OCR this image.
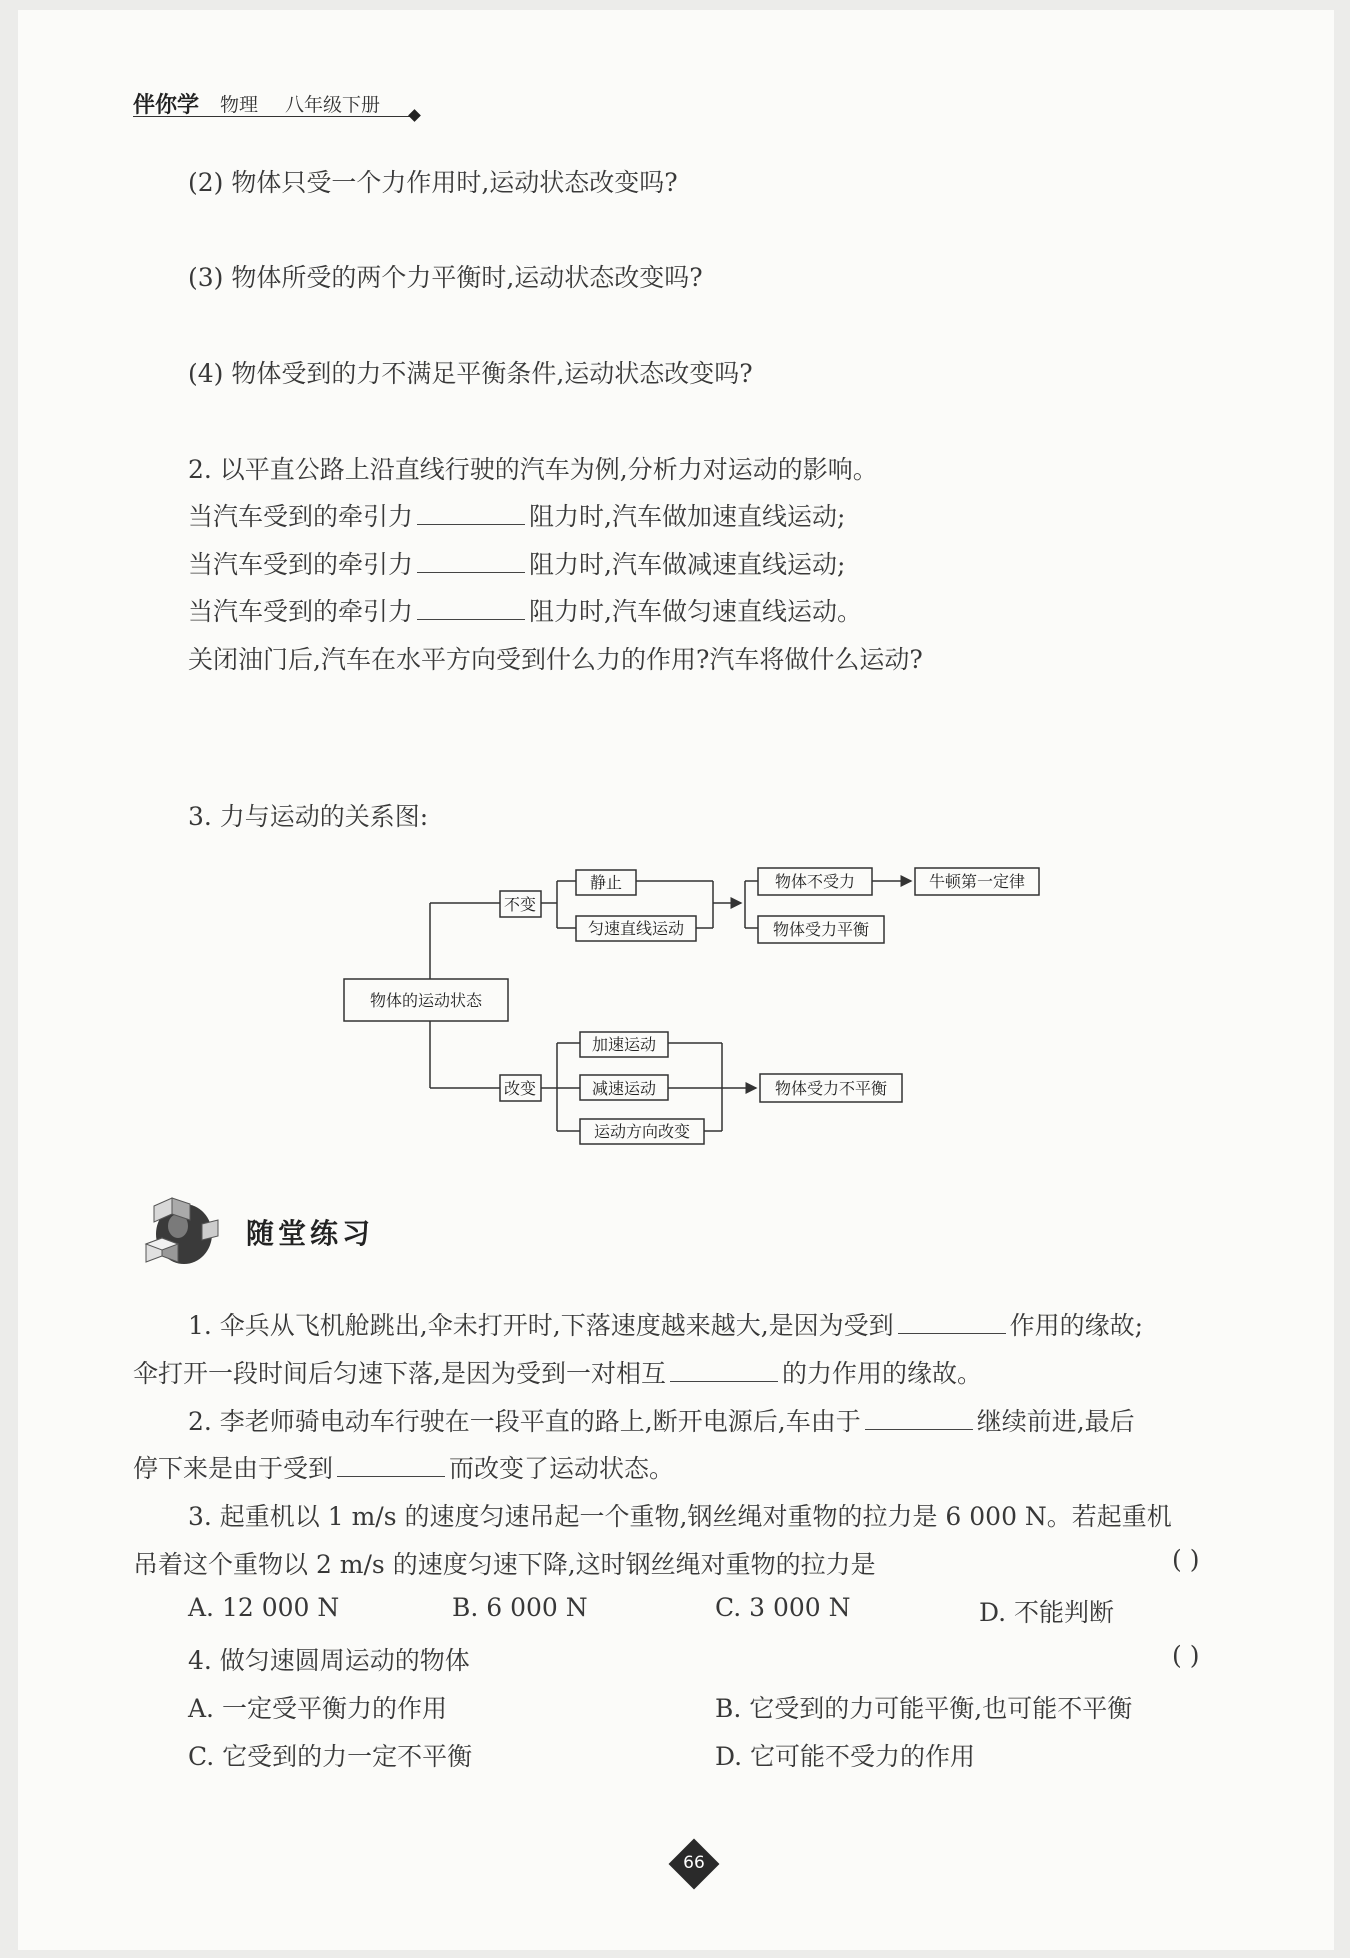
伴你学 物理 八年级下册
(2) 物体只受一个力作用时,运动状态改变吗?
(3) 物体所受的两个力平衡时,运动状态改变吗?
(4) 物体受到的力不满足平衡条件,运动状态改变吗?
2. 以平直公路上沿直线行驶的汽车为例,分析力对运动的影响。
当汽车受到的牵引力	阻力时,汽车做加速直线运动;
当汽车受到的牵引力	阻力时,汽车做减速直线运动;
当汽车受到的牵引力	阻力时,汽车做匀速直线运动。
关闭油门后,汽车在水平方向受到什么力的作用?汽车将做什么运动?
3. 力与运动的关系图:
物体的运动状态
不变
静止
匀速直线运动
物体不受力	牛顿第一定律
物体受力平衡
改变
加速运动
减速运动
运动方向改变
物体受力不平衡
随堂练习
1. 伞兵从飞机舱跳出,伞未打开时,下落速度越来越大,是因为受到	作用的缘故;
伞打开一段时间后匀速下落,是因为受到一对相互	的力作用的缘故。
2. 李老师骑电动车行驶在一段平直的路上,断开电源后,车由于	继续前进,最后
停下来是由于受到	而改变了运动状态。
3. 起重机以 1 m/s 的速度匀速吊起一个重物,钢丝绳对重物的拉力是 6 000 N。若起重机
吊着这个重物以 2 m/s 的速度匀速下降,这时钢丝绳对重物的拉力是	( )
A. 12 000 N	B. 6 000 N	C. 3 000 N	D. 不能判断
4. 做匀速圆周运动的物体	( )
A. 一定受平衡力的作用	B. 它受到的力可能平衡,也可能不平衡
C. 它受到的力一定不平衡	D. 它可能不受力的作用
66
